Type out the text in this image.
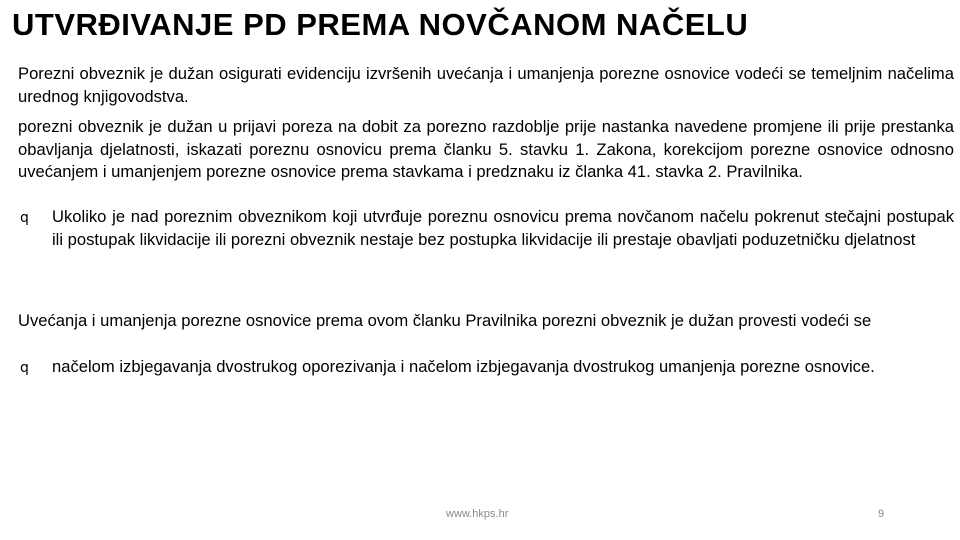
UTVRĐIVANJE PD PREMA NOVČANOM NAČELU
Porezni obveznik je dužan osigurati evidenciju izvršenih uvećanja i umanjenja porezne osnovice vodeći se temeljnim načelima urednog knjigovodstva.
porezni obveznik je dužan u prijavi poreza na dobit za porezno razdoblje prije nastanka navedene promjene ili prije prestanka obavljanja djelatnosti, iskazati poreznu osnovicu prema članku 5. stavku 1. Zakona, korekcijom porezne osnovice odnosno uvećanjem i umanjenjem porezne osnovice prema stavkama i predznaku iz članka 41. stavka 2. Pravilnika.
q Ukoliko je nad poreznim obveznikom koji utvrđuje poreznu osnovicu prema novčanom načelu pokrenut stečajni postupak ili postupak likvidacije ili porezni obveznik nestaje bez postupka likvidacije ili prestaje obavljati poduzetničku djelatnost
Uvećanja i umanjenja porezne osnovice prema ovom članku Pravilnika porezni obveznik je dužan provesti vodeći se
q načelom izbjegavanja dvostrukog oporezivanja i načelom izbjegavanja dvostrukog umanjenja porezne osnovice.
www.hkps.hr	9
